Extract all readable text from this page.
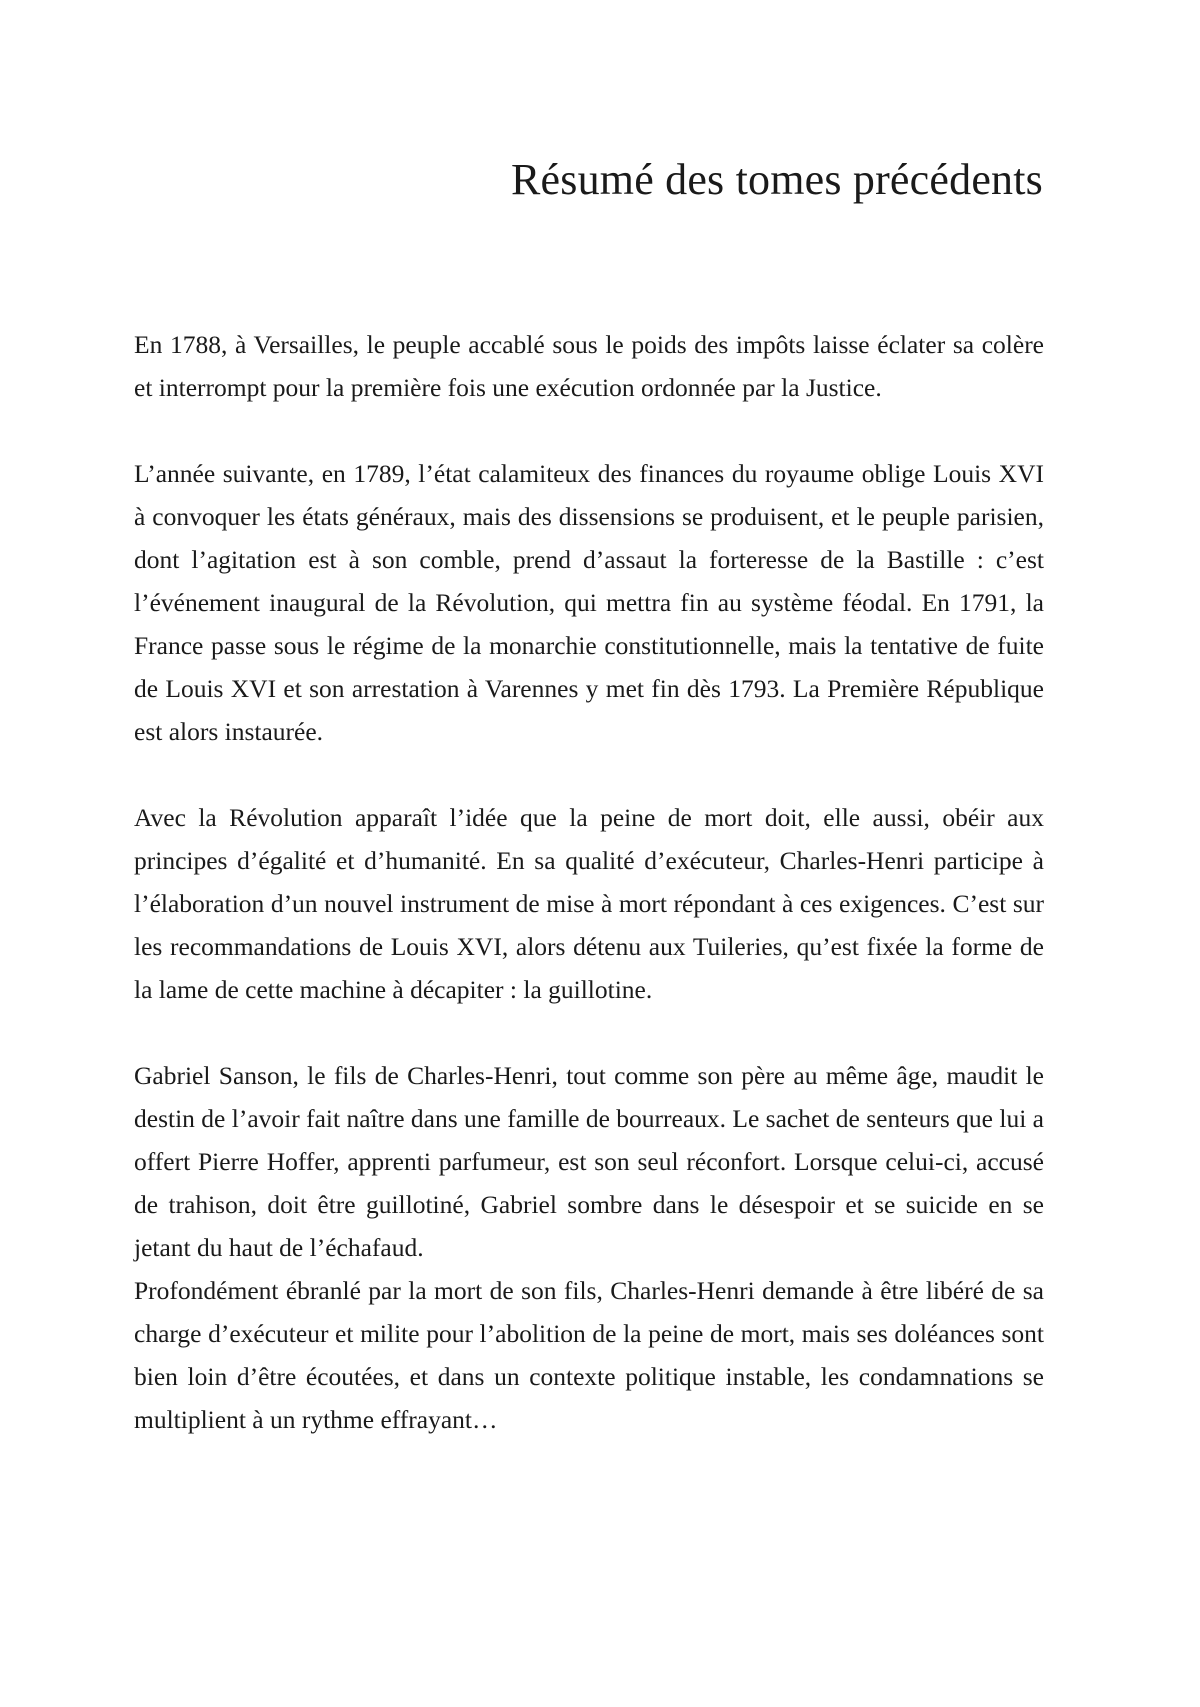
Résumé des tomes précédents

En 1788, à Versailles, le peuple accablé sous le poids des impôts laisse éclater sa colère et interrompt pour la première fois une exécution ordonnée par la Justice.

L’année suivante, en 1789, l’état calamiteux des finances du royaume oblige Louis XVI à convoquer les états généraux, mais des dissensions se produisent, et le peuple parisien, dont l’agitation est à son comble, prend d’assaut la forteresse de la Bastille : c’est l’événement inaugural de la Révolution, qui mettra fin au système féodal. En 1791, la France passe sous le régime de la monarchie constitutionnelle, mais la tentative de fuite de Louis XVI et son arrestation à Varennes y met fin dès 1793. La Première République est alors instaurée.

Avec la Révolution apparaît l’idée que la peine de mort doit, elle aussi, obéir aux principes d’égalité et d’humanité. En sa qualité d’exécuteur, Charles-Henri participe à l’élaboration d’un nouvel instrument de mise à mort répondant à ces exigences. C’est sur les recommandations de Louis XVI, alors détenu aux Tuileries, qu’est fixée la forme de la lame de cette machine à décapiter : la guillotine.

Gabriel Sanson, le fils de Charles-Henri, tout comme son père au même âge, maudit le destin de l’avoir fait naître dans une famille de bourreaux. Le sachet de senteurs que lui a offert Pierre Hoffer, apprenti parfumeur, est son seul réconfort. Lorsque celui-ci, accusé de trahison, doit être guillotiné, Gabriel sombre dans le désespoir et se suicide en se jetant du haut de l’échafaud.

Profondément ébranlé par la mort de son fils, Charles-Henri demande à être libéré de sa charge d’exécuteur et milite pour l’abolition de la peine de mort, mais ses doléances sont bien loin d’être écoutées, et dans un contexte politique instable, les condamnations se multiplient à un rythme effrayant…
